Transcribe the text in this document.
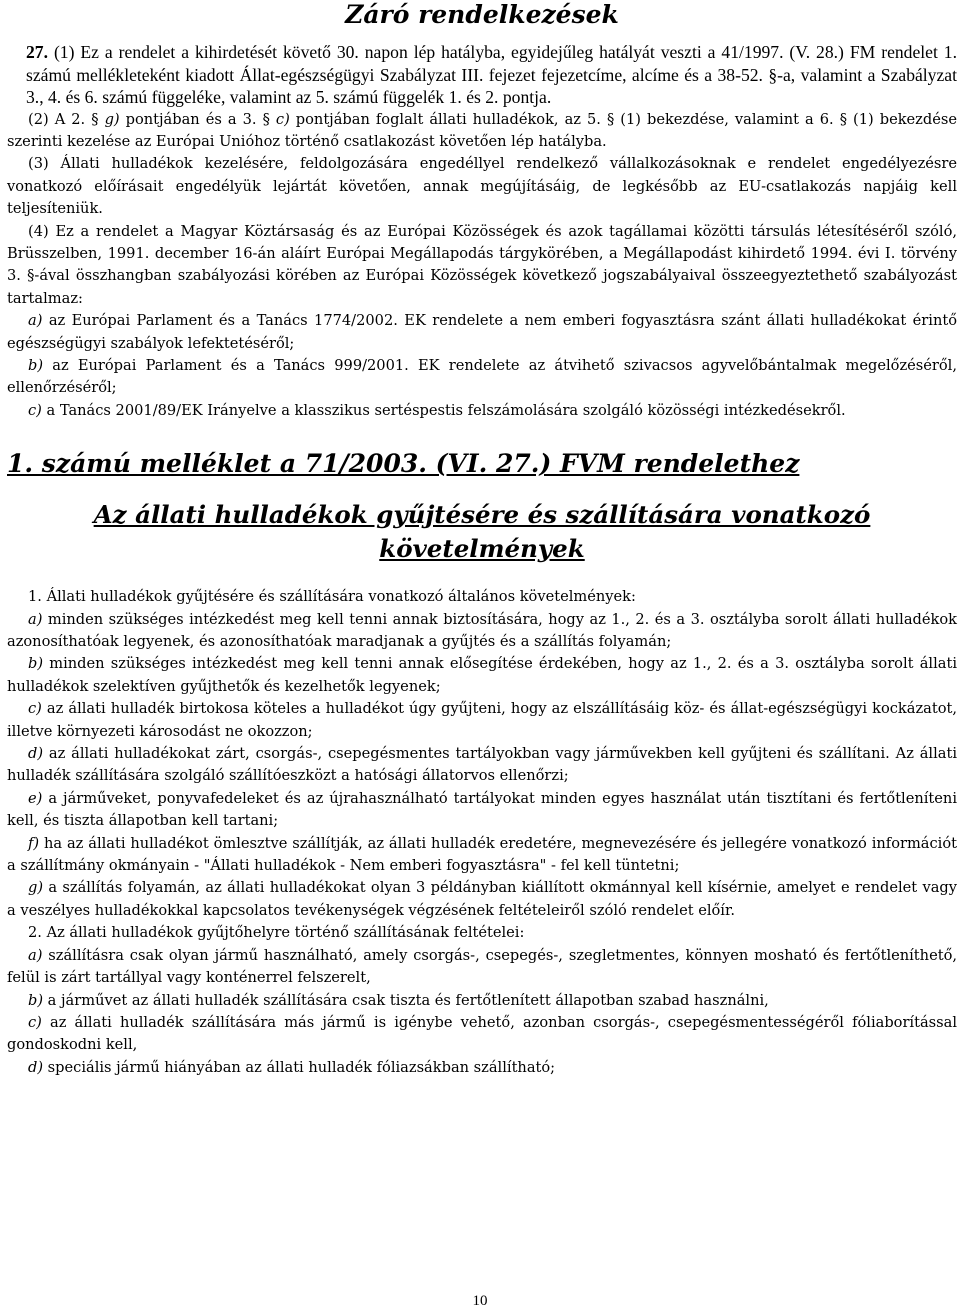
Záró rendelkezések
27. (1) Ez a rendelet a kihirdetését követő 30. napon lép hatályba, egyidejűleg hatályát veszti a 41/1997. (V. 28.) FM rendelet 1. számú mellékleteként kiadott Állat-egészségügyi Szabályzat III. fejezet fejezetcíme, alcíme és a 38-52. §-a, valamint a Szabályzat 3., 4. és 6. számú függeléke, valamint az 5. számú függelék 1. és 2. pontja.

(2) A 2. § g) pontjában és a 3. § c) pontjában foglalt állati hulladékok, az 5. § (1) bekezdése, valamint a 6. § (1) bekezdése szerinti kezelése az Európai Unióhoz történő csatlakozást követően lép hatályba.

(3) Állati hulladékok kezelésére, feldolgozására engedéllyel rendelkező vállalkozásoknak e rendelet engedélyezésre vonatkozó előírásait engedélyük lejártát követően, annak megújításáig, de legkésőbb az EU-csatlakozás napjáig kell teljesíteniük.

(4) Ez a rendelet a Magyar Köztársaság és az Európai Közösségek és azok tagállamai közötti társulás létesítéséről szóló, Brüsszelben, 1991. december 16-án aláírt Európai Megállapodás tárgykörében, a Megállapodást kihirdető 1994. évi I. törvény 3. §-ával összhangban szabályozási körében az Európai Közösségek következő jogszabályaival összeegyeztethető szabályozást tartalmaz:

a) az Európai Parlament és a Tanács 1774/2002. EK rendelete a nem emberi fogyasztásra szánt állati hulladékokat érintő egészségügyi szabályok lefektetéséről;

b) az Európai Parlament és a Tanács 999/2001. EK rendelete az átvihető szivacsos agyvelőbántalmak megelőzéséről, ellenőrzéséről;

c) a Tanács 2001/89/EK Irányelve a klasszikus sertéspestis felszámolására szolgáló közösségi intézkedésekről.

1. számú melléklet a 71/2003. (VI. 27.) FVM rendelethez
Az állati hulladékok gyűjtésére és szállítására vonatkozó követelmények

1. Állati hulladékok gyűjtésére és szállítására vonatkozó általános követelmények:

a) minden szükséges intézkedést meg kell tenni annak biztosítására, hogy az 1., 2. és a 3. osztályba sorolt állati hulladékok azonosíthatóak legyenek, és azonosíthatóak maradjanak a gyűjtés és a szállítás folyamán;

b) minden szükséges intézkedést meg kell tenni annak elősegítése érdekében, hogy az 1., 2. és a 3. osztályba sorolt állati hulladékok szelektíven gyűjthetők és kezelhetők legyenek;

c) az állati hulladék birtokosa köteles a hulladékot úgy gyűjteni, hogy az elszállításáig köz- és állat-egészségügyi kockázatot, illetve környezeti károsodást ne okozzon;

d) az állati hulladékokat zárt, csorgás-, csepegésmentes tartályokban vagy járművekben kell gyűjteni és szállítani. Az állati hulladék szállítására szolgáló szállítóeszközt a hatósági állatorvos ellenőrzi;

e) a járműveket, ponyvafedeleket és az újrahasználható tartályokat minden egyes használat után tisztítani és fertőtleníteni kell, és tiszta állapotban kell tartani;

f) ha az állati hulladékot ömlesztve szállítják, az állati hulladék eredetére, megnevezésére és jellegére vonatkozó információt a szállítmány okmányain - "Állati hulladékok - Nem emberi fogyasztásra" - fel kell tüntetni;

g) a szállítás folyamán, az állati hulladékokat olyan 3 példányban kiállított okmánnyal kell kísérnie, amelyet e rendelet vagy a veszélyes hulladékokkal kapcsolatos tevékenységek végzésének feltételeiről szóló rendelet előír.

2. Az állati hulladékok gyűjtőhelyre történő szállításának feltételei:

a) szállításra csak olyan jármű használható, amely csorgás-, csepegés-, szegletmentes, könnyen mosható és fertőtleníthető, felül is zárt tartállyal vagy konténerrel felszerelt,

b) a járművet az állati hulladék szállítására csak tiszta és fertőtlenített állapotban szabad használni,

c) az állati hulladék szállítására más jármű is igénybe vehető, azonban csorgás-, csepegésmentességéről fóliaborítással gondoskodni kell,

d) speciális jármű hiányában az állati hulladék fóliazsákban szállítható;

10
